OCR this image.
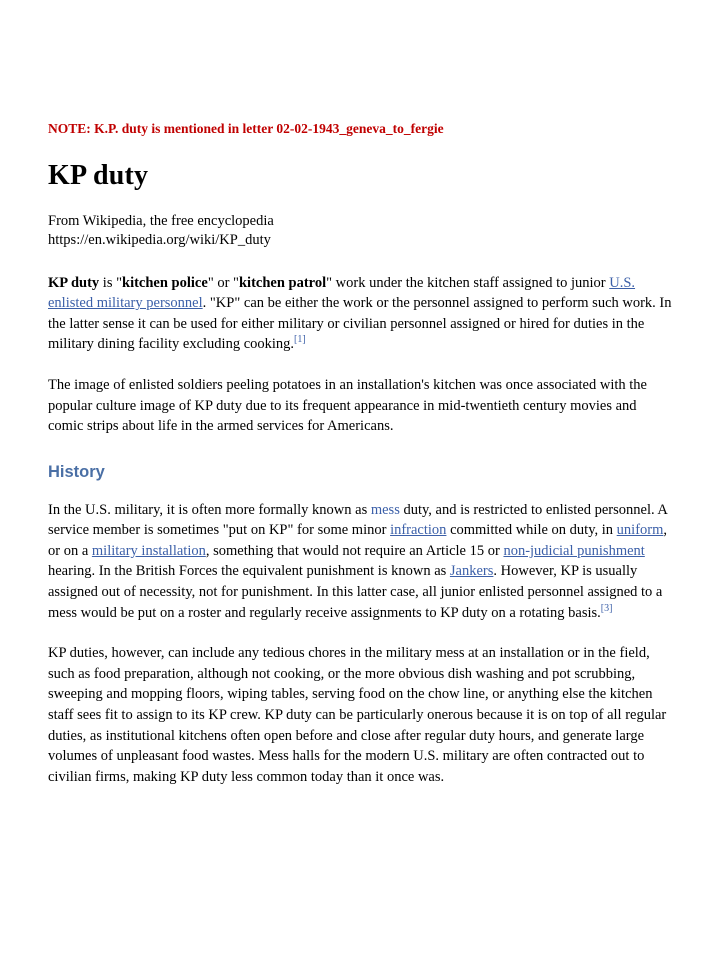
NOTE: K.P. duty is mentioned in letter 02-02-1943_geneva_to_fergie
KP duty
From Wikipedia, the free encyclopedia
https://en.wikipedia.org/wiki/KP_duty

KP duty is "kitchen police" or "kitchen patrol" work under the kitchen staff assigned to junior U.S. enlisted military personnel. "KP" can be either the work or the personnel assigned to perform such work. In the latter sense it can be used for either military or civilian personnel assigned or hired for duties in the military dining facility excluding cooking.[1]

The image of enlisted soldiers peeling potatoes in an installation's kitchen was once associated with the popular culture image of KP duty due to its frequent appearance in mid-twentieth century movies and comic strips about life in the armed services for Americans.

History

In the U.S. military, it is often more formally known as mess duty, and is restricted to enlisted personnel. A service member is sometimes "put on KP" for some minor infraction committed while on duty, in uniform, or on a military installation, something that would not require an Article 15 or non-judicial punishment hearing. In the British Forces the equivalent punishment is known as Jankers. However, KP is usually assigned out of necessity, not for punishment. In this latter case, all junior enlisted personnel assigned to a mess would be put on a roster and regularly receive assignments to KP duty on a rotating basis.[3]

KP duties, however, can include any tedious chores in the military mess at an installation or in the field, such as food preparation, although not cooking, or the more obvious dish washing and pot scrubbing, sweeping and mopping floors, wiping tables, serving food on the chow line, or anything else the kitchen staff sees fit to assign to its KP crew. KP duty can be particularly onerous because it is on top of all regular duties, as institutional kitchens often open before and close after regular duty hours, and generate large volumes of unpleasant food wastes. Mess halls for the modern U.S. military are often contracted out to civilian firms, making KP duty less common today than it once was.
